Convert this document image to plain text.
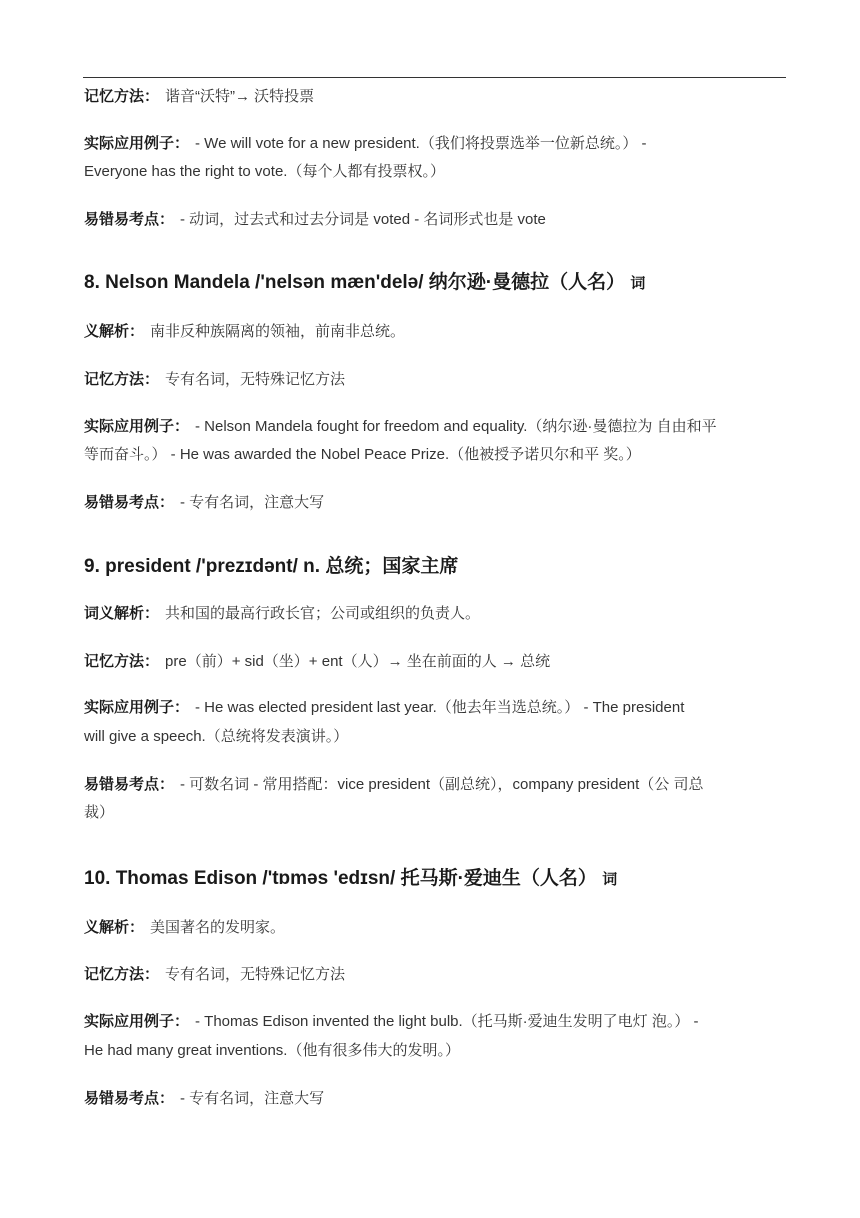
记忆方法： 谐音“沃特”→ 沃特投票
实际应用例子： - We will vote for a new president.（我们将投票选举一位新总统。） -
Everyone has the right to vote.（每个人都有投票权。）
易错易考点： - 动词，过去式和过去分词是 voted - 名词形式也是 vote
8. Nelson Mandela /'nelsən mæn'delə/ 纳尔逊·曼德拉（人名） 词
义解析： 南非反种族隔离的领袖，前南非总统。
记忆方法： 专有名词，无特殊记忆方法
实际应用例子： - Nelson Mandela fought for freedom and equality.（纳尔逊·曼德拉为 自由和平
等而奋斗。） - He was awarded the Nobel Peace Prize.（他被授予诺贝尔和平 奖。）
易错易考点： - 专有名词，注意大写
9. president /'prezɪdənt/ n. 总统；国家主席
词义解析： 共和国的最高行政长官；公司或组织的负责人。
记忆方法： pre（前）+ sid（坐）+ ent（人）→ 坐在前面的人 → 总统
实际应用例子： - He was elected president last year.（他去年当选总统。） - The president
will give a speech.（总统将发表演讲。）
易错易考点： - 可数名词 - 常用搭配：vice president（副总统），company president（公 司总
裁）
10. Thomas Edison /'tɒməs 'edɪsn/ 托马斯·爱迪生（人名） 词
义解析： 美国著名的发明家。
记忆方法： 专有名词，无特殊记忆方法
实际应用例子： - Thomas Edison invented the light bulb.（托马斯·爱迪生发明了电灯 泡。） -
He had many great inventions.（他有很多伟大的发明。）
易错易考点： - 专有名词，注意大写
